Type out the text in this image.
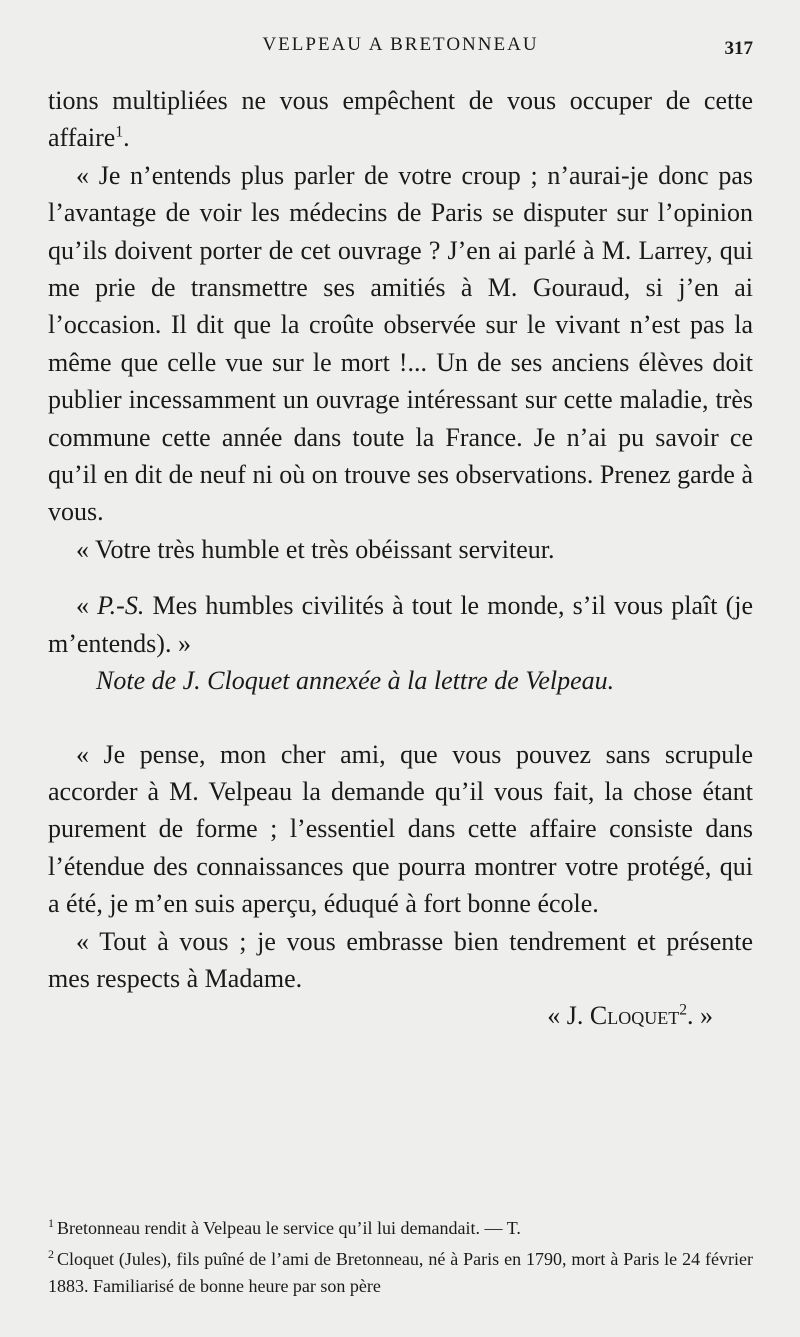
VELPEAU A BRETONNEAU	317

tions multipliées ne vous empêchent de vous occuper de cette affaire$^1$.

« Je n’entends plus parler de votre croup ; n’aurai-je donc pas l’avantage de voir les médecins de Paris se disputer sur l’opinion qu’ils doivent porter de cet ouvrage ? J’en ai parlé à M. Larrey, qui me prie de transmettre ses amitiés à M. Gouraud, si j’en ai l’occasion. Il dit que la croûte observée sur le vivant n’est pas la même que celle vue sur le mort !... Un de ses anciens élèves doit publier incessamment un ouvrage intéressant sur cette maladie, très commune cette année dans toute la France. Je n’ai pu savoir ce qu’il en dit de neuf ni où on trouve ses observations. Prenez garde à vous.

« Votre très humble et très obéissant serviteur.

« P.-S. Mes humbles civilités à tout le monde, s’il vous plaît (je m’entends). »

Note de J. Cloquet annexée à la lettre de Velpeau.

« Je pense, mon cher ami, que vous pouvez sans scrupule accorder à M. Velpeau la demande qu’il vous fait, la chose étant purement de forme ; l’essentiel dans cette affaire consiste dans l’étendue des connaissances que pourra montrer votre protégé, qui a été, je m’en suis aperçu, éduqué à fort bonne école.

« Tout à vous ; je vous embrasse bien tendrement et présente mes respects à Madame.

« J. Cloquet$^2$. »

$^1$ Bretonneau rendit à Velpeau le service qu’il lui demandait. — T.

$^2$ Cloquet (Jules), fils puîné de l’ami de Bretonneau, né à Paris en 1790, mort à Paris le 24 février 1883. Familiarisé de bonne heure par son père
